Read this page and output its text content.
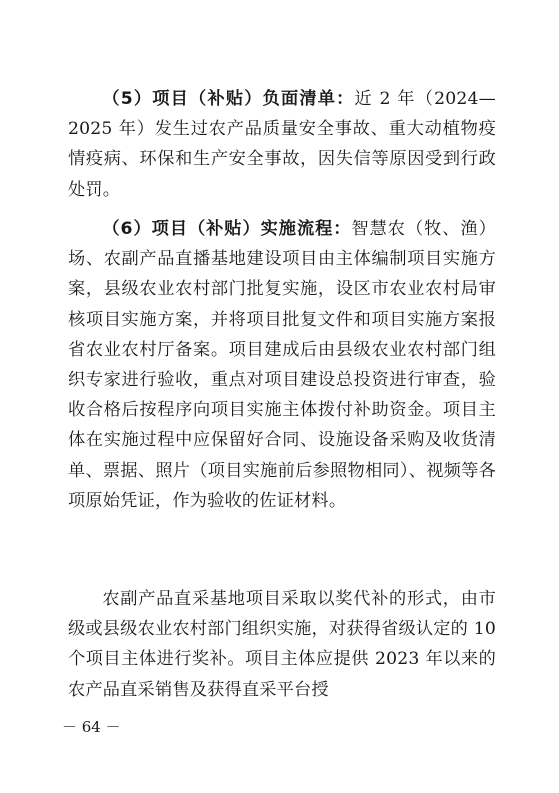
（5）项目（补贴）负面清单：近 2 年（2024—2025 年）发生过农产品质量安全事故、重大动植物疫情疫病、环保和生产安全事故，因失信等原因受到行政处罚。

（6）项目（补贴）实施流程：智慧农（牧、渔）场、农副产品直播基地建设项目由主体编制项目实施方案，县级农业农村部门批复实施，设区市农业农村局审核项目实施方案，并将项目批复文件和项目实施方案报省农业农村厅备案。项目建成后由县级农业农村部门组织专家进行验收，重点对项目建设总投资进行审查，验收合格后按程序向项目实施主体拨付补助资金。项目主体在实施过程中应保留好合同、设施设备采购及收货清单、票据、照片（项目实施前后参照物相同）、视频等各项原始凭证，作为验收的佐证材料。

农副产品直采基地项目采取以奖代补的形式，由市级或县级农业农村部门组织实施，对获得省级认定的 10 个项目主体进行奖补。项目主体应提供 2023 年以来的农产品直采销售及获得直采平台授

－ 64 －
